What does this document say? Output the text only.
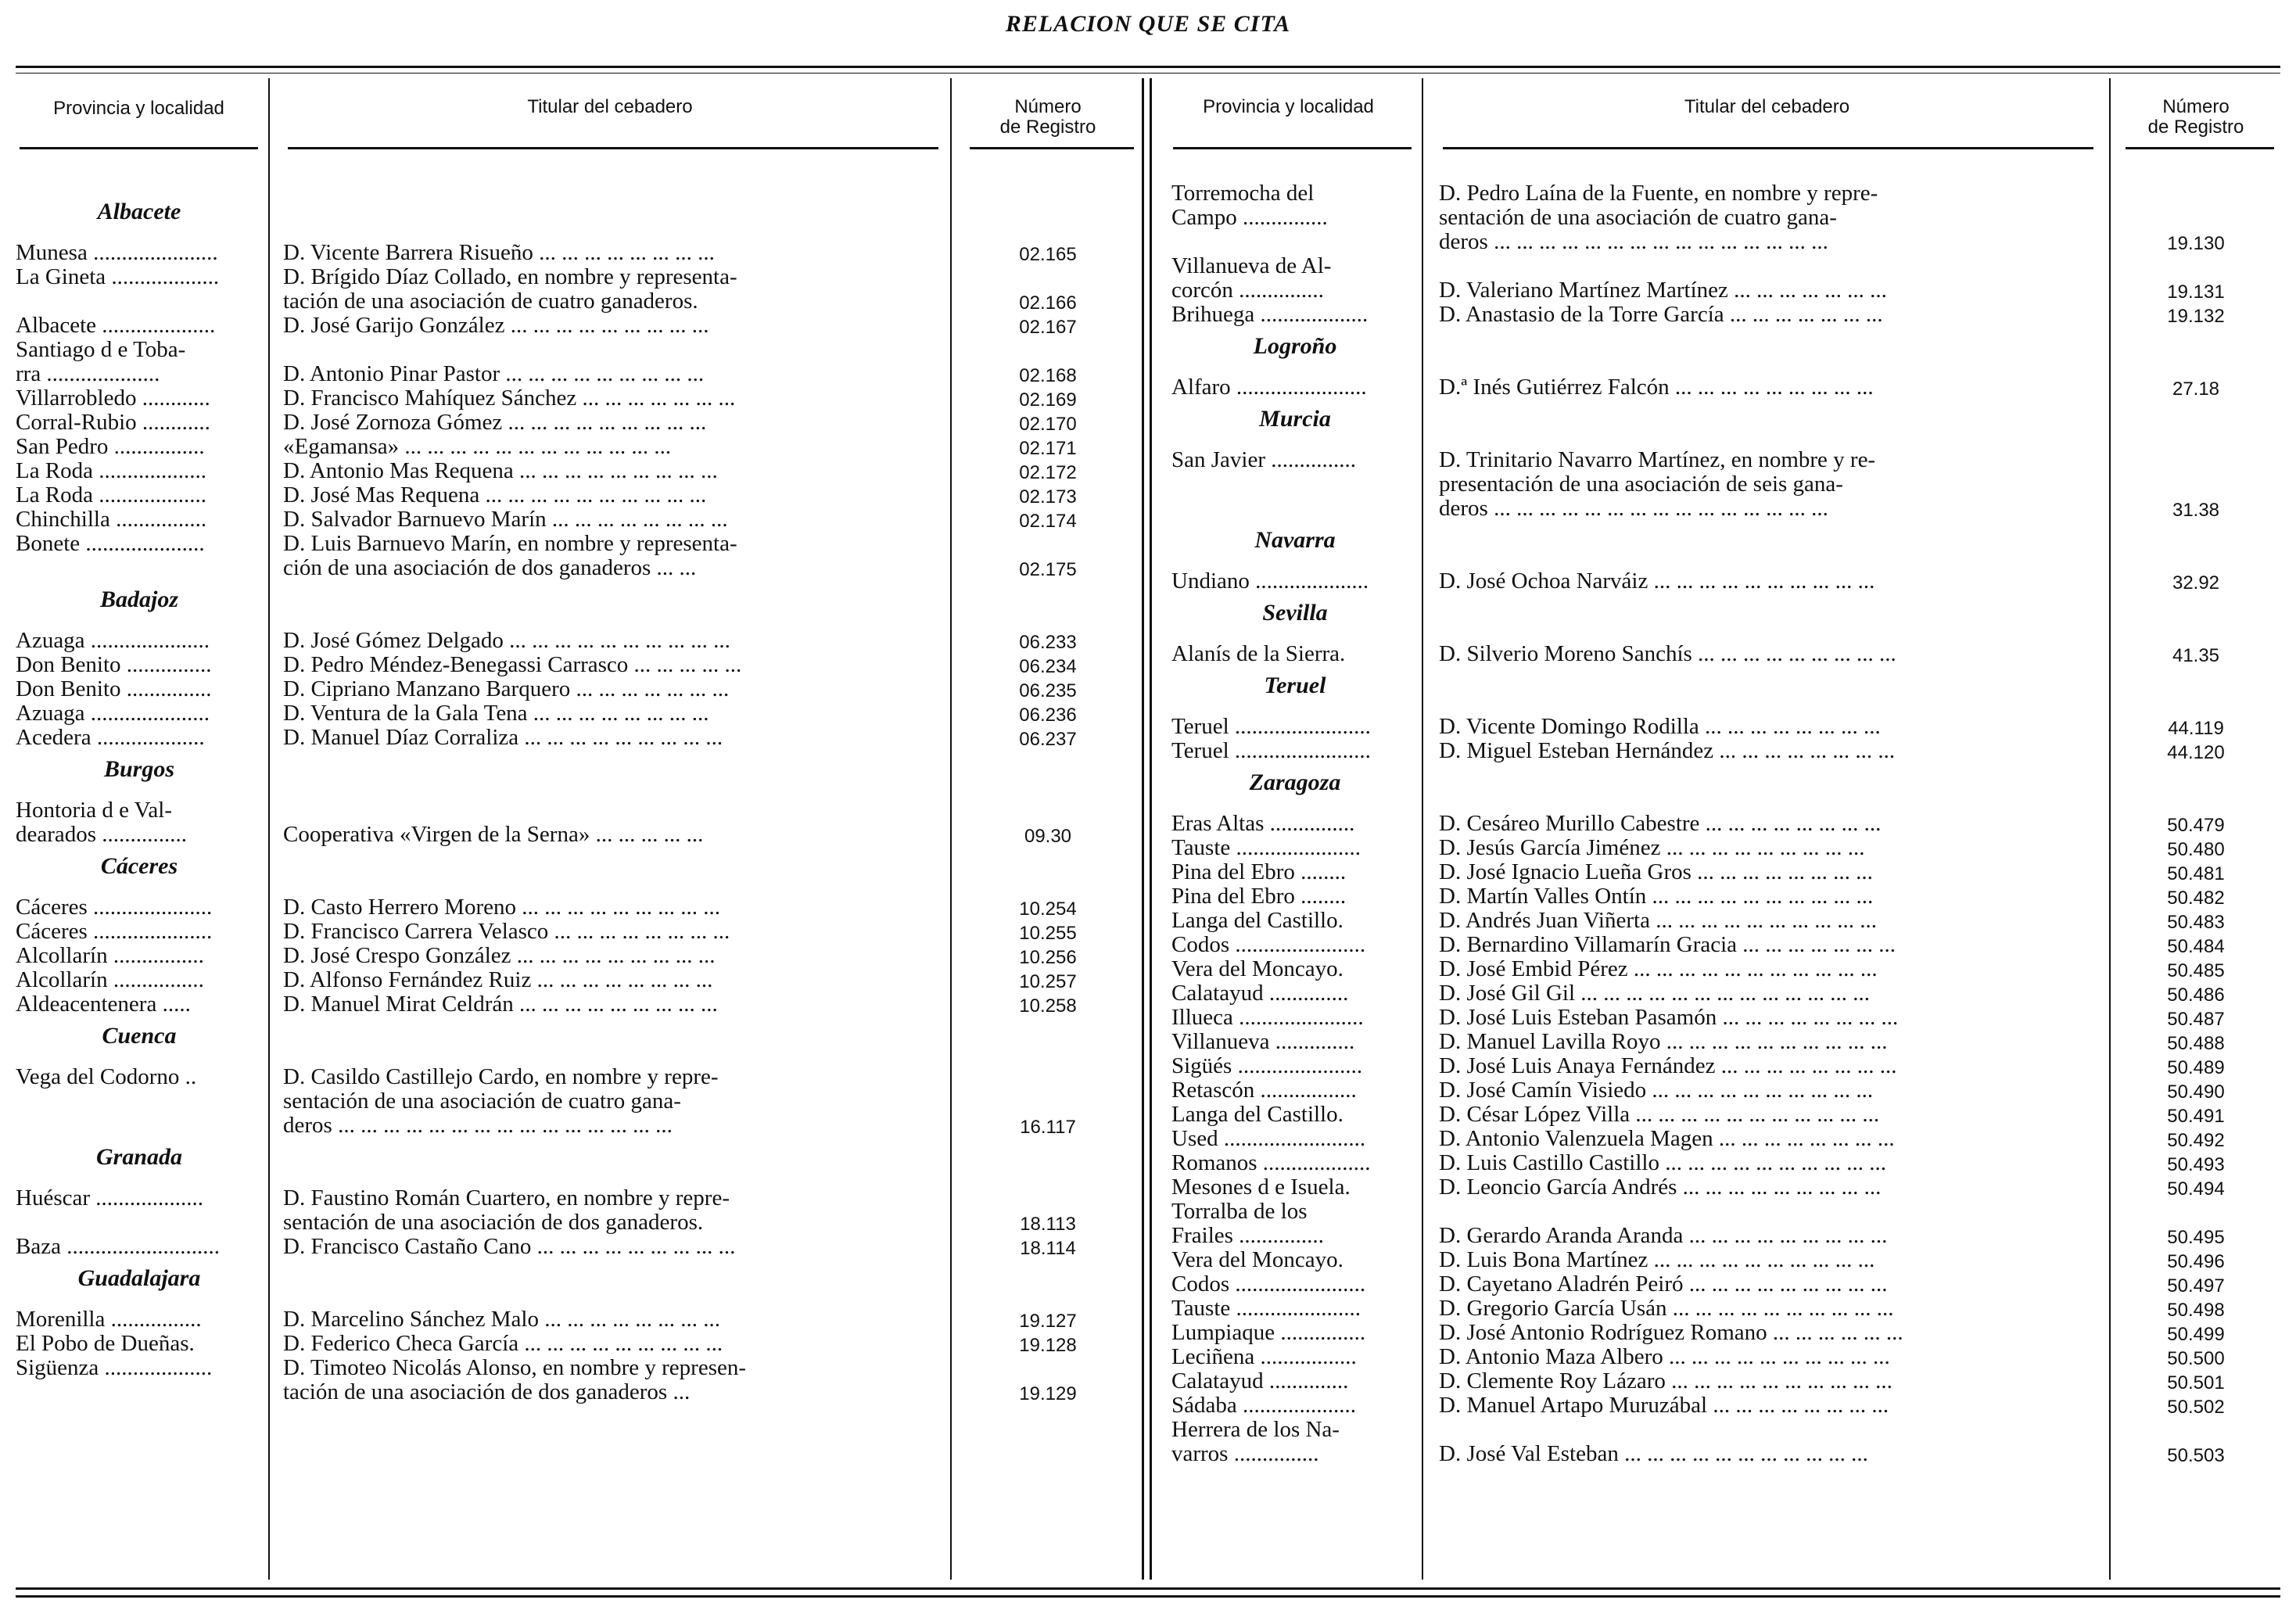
RELACION QUE SE CITA
Provincia y localidad	Titular del cebadero	Número
de Registro
Provincia y localidad	Titular del cebadero	Número
de Registro
Albacete
Munesa ......................	D. Vicente Barrera Risueño ... ... ... ... ... ... ... ...	02.165
La Gineta ...................	D. Brígido Díaz Collado, en nombre y representa-
tación de una asociación de cuatro ganaderos.	02.166
Albacete ....................	D. José Garijo González ... ... ... ... ... ... ... ... ...	02.167
Santiago d e Toba-
rra ....................	D. Antonio Pinar Pastor ... ... ... ... ... ... ... ... ...	02.168
Villarrobledo ............	D. Francisco Mahíquez Sánchez ... ... ... ... ... ... ...	02.169
Corral-Rubio ............	D. José Zornoza Gómez ... ... ... ... ... ... ... ... ...	02.170
San Pedro ................	«Egamansa» ... ... ... ... ... ... ... ... ... ... ... ...	02.171
La Roda ...................	D. Antonio Mas Requena ... ... ... ... ... ... ... ... ...	02.172
La Roda ...................	D. José Mas Requena ... ... ... ... ... ... ... ... ... ...	02.173
Chinchilla ................	D. Salvador Barnuevo Marín ... ... ... ... ... ... ... ...	02.174
Bonete .....................	D. Luis Barnuevo Marín, en nombre y representa-
ción de una asociación de dos ganaderos ... ...	02.175
Badajoz
Azuaga .....................	D. José Gómez Delgado ... ... ... ... ... ... ... ... ... ...	06.233
Don Benito ...............	D. Pedro Méndez-Benegassi Carrasco ... ... ... ... ...	06.234
Don Benito ...............	D. Cipriano Manzano Barquero ... ... ... ... ... ... ...	06.235
Azuaga .....................	D. Ventura de la Gala Tena ... ... ... ... ... ... ... ...	06.236
Acedera ...................	D. Manuel Díaz Corraliza ... ... ... ... ... ... ... ... ...	06.237
Burgos
Hontoria d e Val-
dearados ...............	Cooperativa «Virgen de la Serna» ... ... ... ... ...	09.30
Cáceres
Cáceres .....................	D. Casto Herrero Moreno ... ... ... ... ... ... ... ... ...	10.254
Cáceres .....................	D. Francisco Carrera Velasco ... ... ... ... ... ... ... ...	10.255
Alcollarín ................	D. José Crespo González ... ... ... ... ... ... ... ... ...	10.256
Alcollarín ................	D. Alfonso Fernández Ruiz ... ... ... ... ... ... ... ...	10.257
Aldeacentenera .....	D. Manuel Mirat Celdrán ... ... ... ... ... ... ... ... ...	10.258
Cuenca
Vega del Codorno ..	D. Casildo Castillejo Cardo, en nombre y repre-
sentación de una asociación de cuatro gana-
deros ... ... ... ... ... ... ... ... ... ... ... ... ... ... ...	16.117
Granada
Huéscar ...................	D. Faustino Román Cuartero, en nombre y repre-
sentación de una asociación de dos ganaderos.	18.113
Baza ...........................	D. Francisco Castaño Cano ... ... ... ... ... ... ... ... ...	18.114
Guadalajara
Morenilla ................	D. Marcelino Sánchez Malo ... ... ... ... ... ... ... ...	19.127
El Pobo de Dueñas.	D. Federico Checa García ... ... ... ... ... ... ... ... ...	19.128
Sigüenza ...................	D. Timoteo Nicolás Alonso, en nombre y represen-
tación de una asociación de dos ganaderos ...	19.129
Torremocha del
Campo ...............
D. Pedro Laína de la Fuente, en nombre y repre-
sentación de una asociación de cuatro gana-
deros ... ... ... ... ... ... ... ... ... ... ... ... ... ... ...	19.130
Villanueva de Al-
corcón ...............	D. Valeriano Martínez Martínez ... ... ... ... ... ... ...	19.131
Brihuega ...................	D. Anastasio de la Torre García ... ... ... ... ... ... ...	19.132
Logroño
Alfaro .......................	D.ª Inés Gutiérrez Falcón ... ... ... ... ... ... ... ... ...	27.18
Murcia
San Javier ...............	D. Trinitario Navarro Martínez, en nombre y re-
presentación de una asociación de seis gana-
deros ... ... ... ... ... ... ... ... ... ... ... ... ... ... ...	31.38
Navarra
Undiano ....................	D. José Ochoa Narváiz ... ... ... ... ... ... ... ... ... ...	32.92
Sevilla
Alanís de la Sierra.	D. Silverio Moreno Sanchís ... ... ... ... ... ... ... ... ...	41.35
Teruel
Teruel ........................	D. Vicente Domingo Rodilla ... ... ... ... ... ... ... ...	44.119
Teruel ........................	D. Miguel Esteban Hernández ... ... ... ... ... ... ... ...	44.120
Zaragoza
Eras Altas ...............	D. Cesáreo Murillo Cabestre ... ... ... ... ... ... ... ...	50.479
Tauste ......................	D. Jesús García Jiménez ... ... ... ... ... ... ... ... ...	50.480
Pina del Ebro ........	D. José Ignacio Lueña Gros ... ... ... ... ... ... ... ...	50.481
Pina del Ebro ........	D. Martín Valles Ontín ... ... ... ... ... ... ... ... ... ...	50.482
Langa del Castillo.	D. Andrés Juan Viñerta ... ... ... ... ... ... ... ... ... ...	50.483
Codos .......................	D. Bernardino Villamarín Gracia ... ... ... ... ... ... ...	50.484
Vera del Moncayo.	D. José Embid Pérez ... ... ... ... ... ... ... ... ... ... ...	50.485
Calatayud ..............	D. José Gil Gil ... ... ... ... ... ... ... ... ... ... ... ... ...	50.486
Illueca ......................	D. José Luis Esteban Pasamón ... ... ... ... ... ... ... ...	50.487
Villanueva ..............	D. Manuel Lavilla Royo ... ... ... ... ... ... ... ... ... ...	50.488
Sigüés ......................	D. José Luis Anaya Fernández ... ... ... ... ... ... ... ...	50.489
Retascón .................	D. José Camín Visiedo ... ... ... ... ... ... ... ... ... ...	50.490
Langa del Castillo.	D. César López Villa ... ... ... ... ... ... ... ... ... ... ...	50.491
Used .........................	D. Antonio Valenzuela Magen ... ... ... ... ... ... ... ...	50.492
Romanos ...................	D. Luis Castillo Castillo ... ... ... ... ... ... ... ... ... ...	50.493
Mesones d e Isuela.	D. Leoncio García Andrés ... ... ... ... ... ... ... ... ...	50.494
Torralba de los
Frailes ...............	D. Gerardo Aranda Aranda ... ... ... ... ... ... ... ... ...	50.495
Vera del Moncayo.	D. Luis Bona Martínez ... ... ... ... ... ... ... ... ... ...	50.496
Codos .......................	D. Cayetano Aladrén Peiró ... ... ... ... ... ... ... ... ...	50.497
Tauste ......................	D. Gregorio García Usán ... ... ... ... ... ... ... ... ... ...	50.498
Lumpiaque ...............	D. José Antonio Rodríguez Romano ... ... ... ... ... ...	50.499
Leciñena .................	D. Antonio Maza Albero ... ... ... ... ... ... ... ... ... ...	50.500
Calatayud ..............	D. Clemente Roy Lázaro ... ... ... ... ... ... ... ... ... ...	50.501
Sádaba ....................	D. Manuel Artapo Muruzábal ... ... ... ... ... ... ... ...	50.502
Herrera de los Na-
varros ...............	D. José Val Esteban ... ... ... ... ... ... ... ... ... ... ...	50.503
